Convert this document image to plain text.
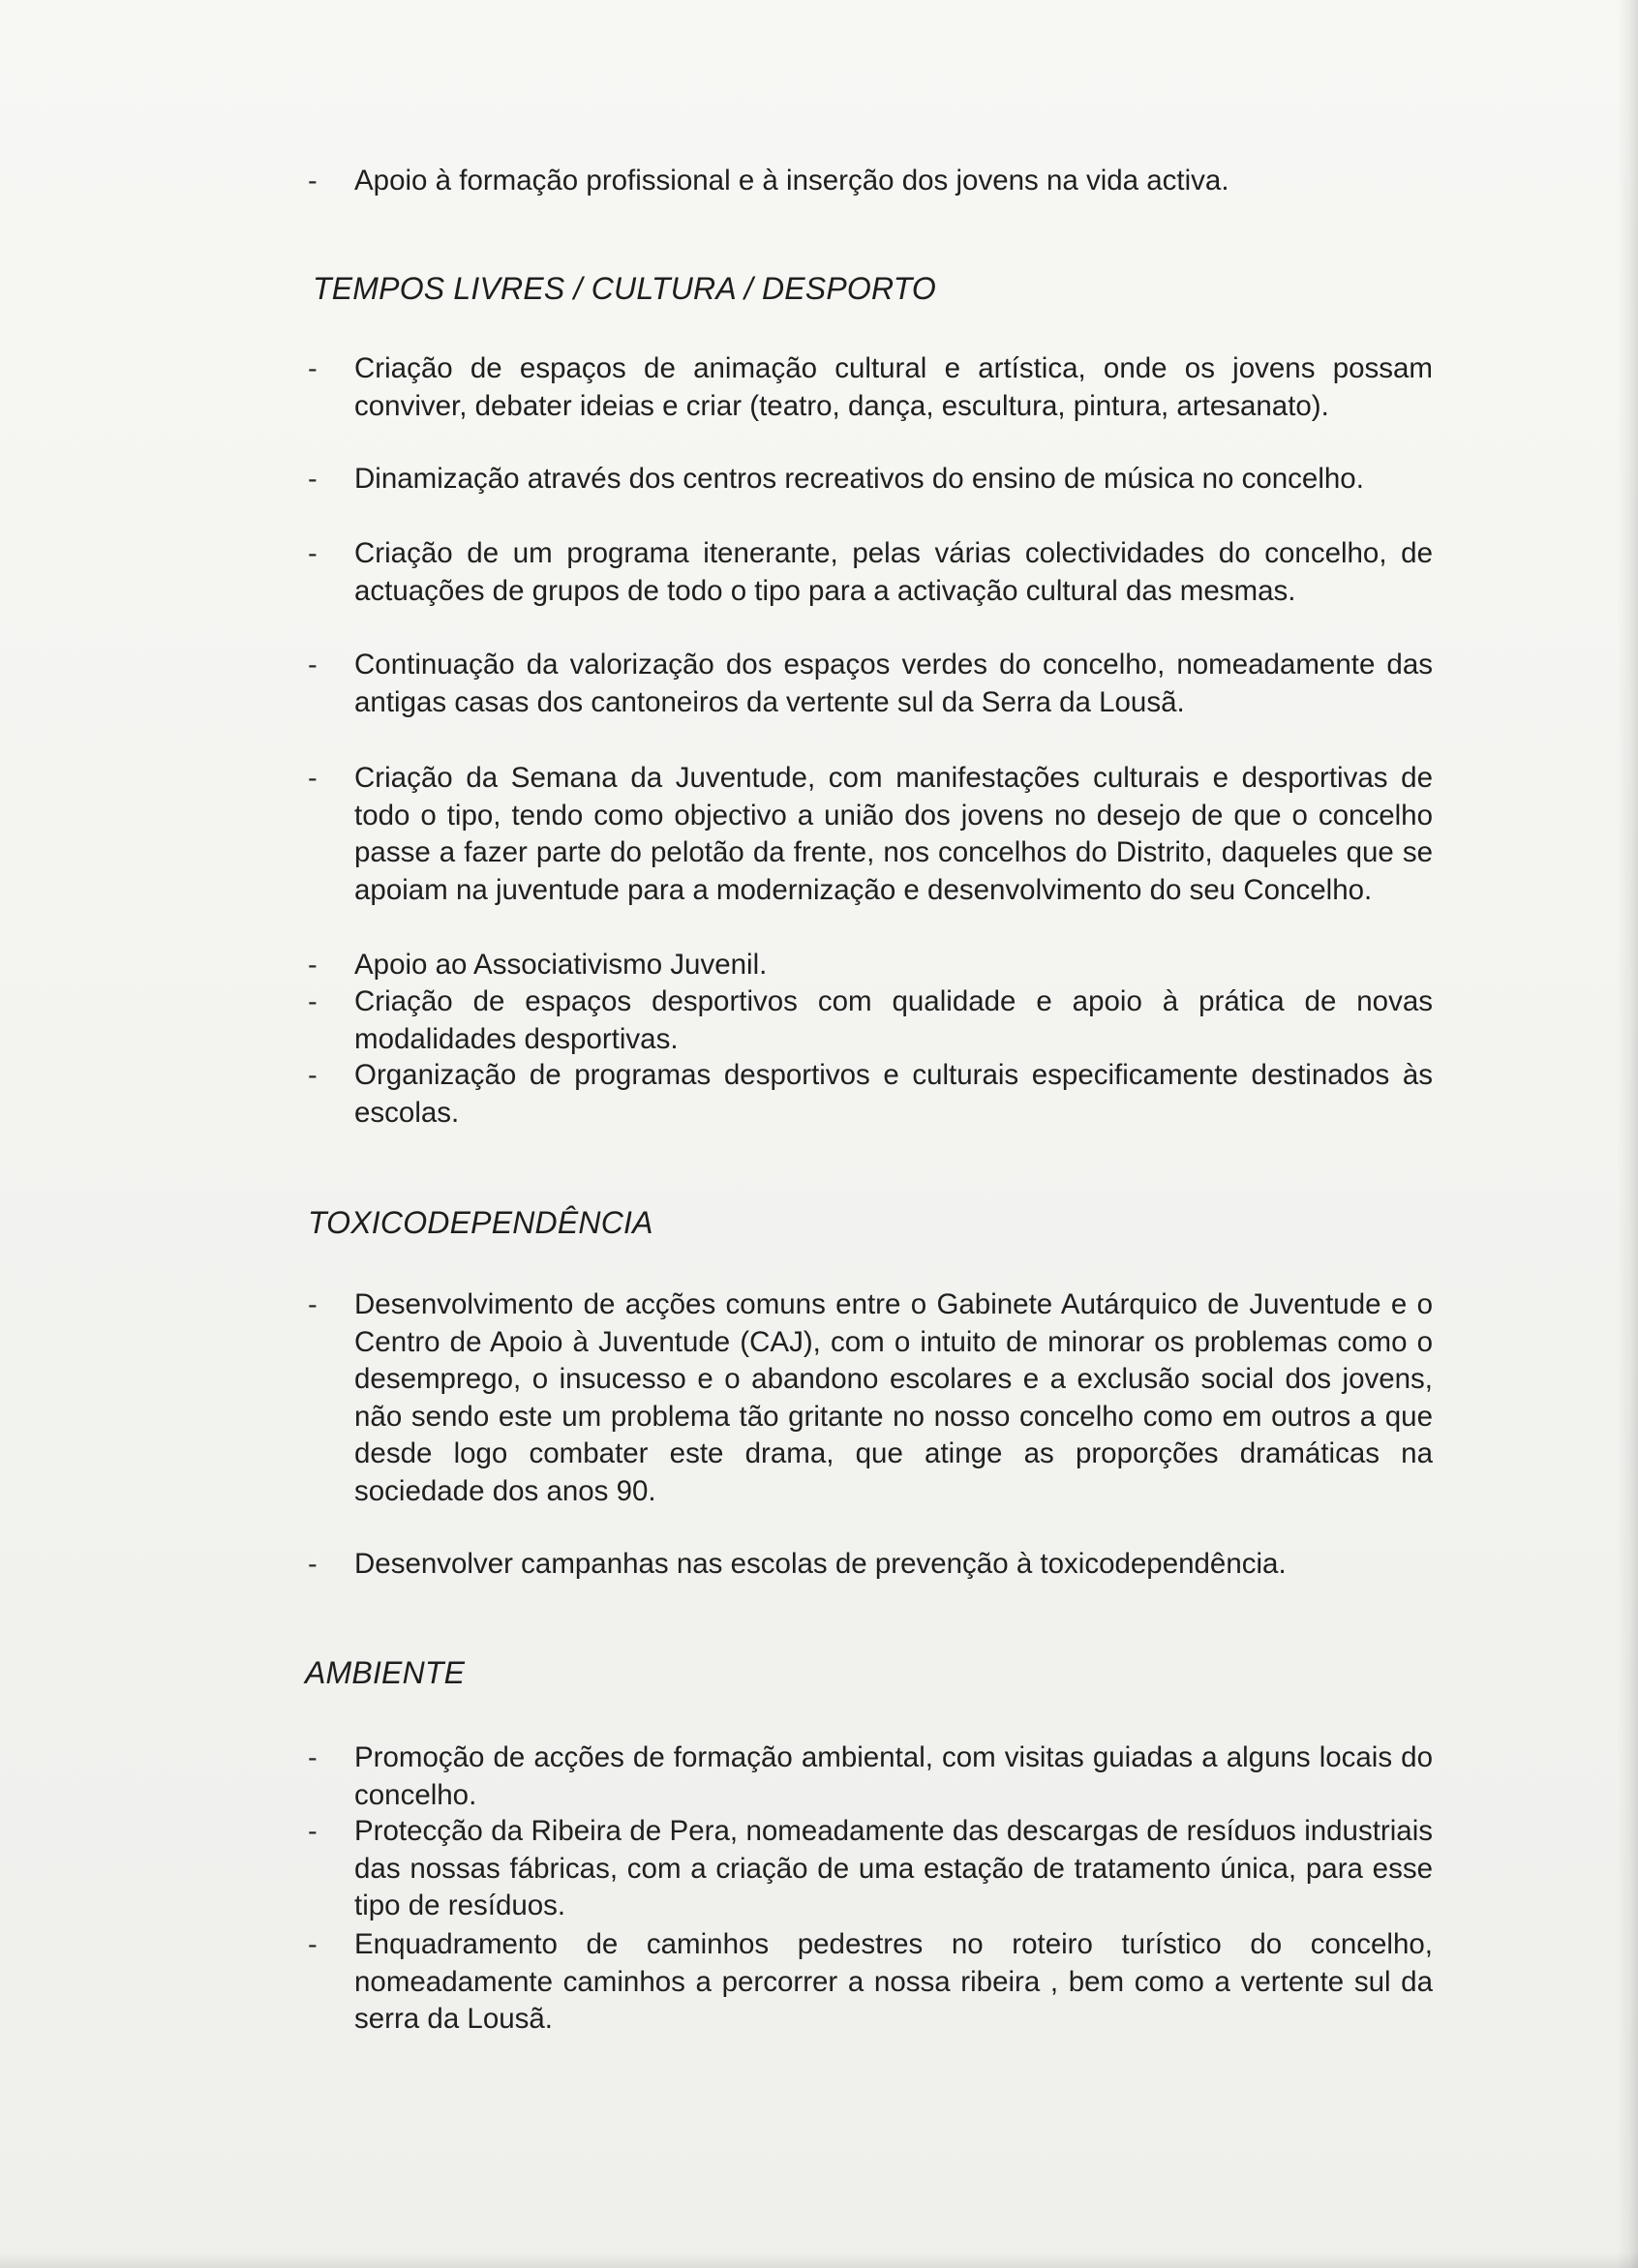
- Apoio à formação profissional e à inserção dos jovens na vida activa.
TEMPOS LIVRES / CULTURA / DESPORTO
- Criação de espaços de animação cultural e artística, onde os jovens possam conviver, debater ideias e criar (teatro, dança, escultura, pintura, artesanato).
- Dinamização através dos centros recreativos do ensino de música no concelho.
- Criação de um programa itenerante, pelas várias colectividades do concelho, de actuações de grupos de todo o tipo para a activação cultural das mesmas.
- Continuação da valorização dos espaços verdes do concelho, nomeadamente das antigas casas dos cantoneiros da vertente sul da Serra da Lousã.
- Criação da Semana da Juventude, com manifestações culturais e desportivas de todo o tipo, tendo como objectivo a união dos jovens no desejo de que o concelho passe a fazer parte do pelotão da frente, nos concelhos do Distrito, daqueles que se apoiam na juventude para a modernização e desenvolvimento do seu Concelho.
- Apoio ao Associativismo Juvenil.
- Criação de espaços desportivos com qualidade e apoio à prática de novas modalidades desportivas.
- Organização de programas desportivos e culturais especificamente destinados às escolas.
TOXICODEPENDÊNCIA
- Desenvolvimento de acções comuns entre o Gabinete Autárquico de Juventude e o Centro de Apoio à Juventude (CAJ), com o intuito de minorar os problemas como o desemprego, o insucesso e o abandono escolares e a exclusão social dos jovens, não sendo este um problema tão gritante no nosso concelho como em outros a que desde logo combater este drama, que atinge as proporções dramáticas na sociedade dos anos 90.
- Desenvolver campanhas nas escolas de prevenção à toxicodependência.
AMBIENTE
- Promoção de acções de formação ambiental, com visitas guiadas a alguns locais do concelho.
- Protecção da Ribeira de Pera, nomeadamente das descargas de resíduos industriais das nossas fábricas, com a criação de uma estação de tratamento única, para esse tipo de resíduos.
- Enquadramento de caminhos pedestres no roteiro turístico do concelho, nomeadamente caminhos a percorrer a nossa ribeira , bem como a vertente sul da serra da Lousã.
